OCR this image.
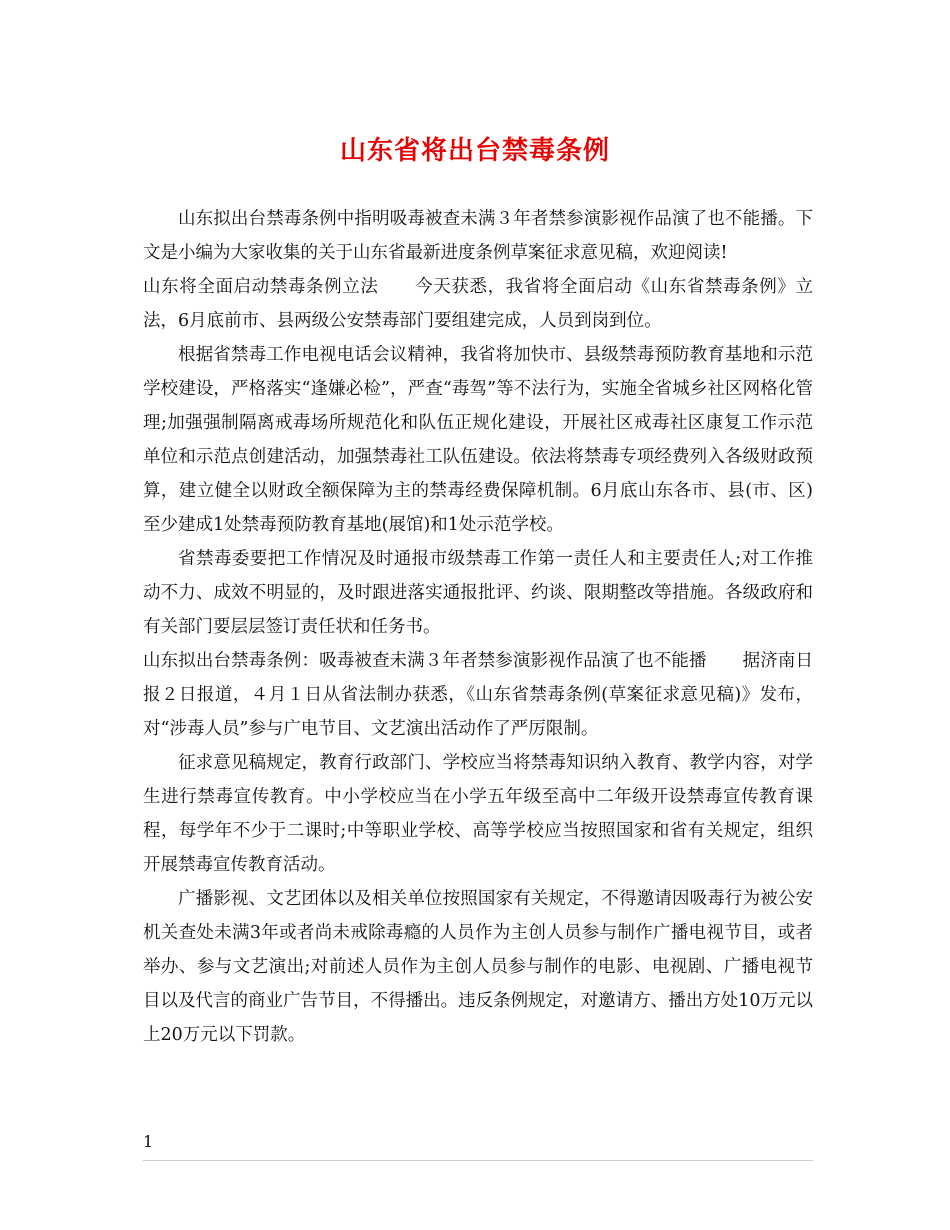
山东省将出台禁毒条例

山东拟出台禁毒条例中指明吸毒被查未满３年者禁参演影视作品演了也不能播。下文是小编为大家收集的关于山东省最新进度条例草案征求意见稿，欢迎阅读!

山东将全面启动禁毒条例立法 今天获悉，我省将全面启动《山东省禁毒条例》立法，6月底前市、县两级公安禁毒部门要组建完成，人员到岗到位。

根据省禁毒工作电视电话会议精神，我省将加快市、县级禁毒预防教育基地和示范学校建设，严格落实“逢嫌必检”，严查“毒驾”等不法行为，实施全省城乡社区网格化管理;加强强制隔离戒毒场所规范化和队伍正规化建设，开展社区戒毒社区康复工作示范单位和示范点创建活动，加强禁毒社工队伍建设。依法将禁毒专项经费列入各级财政预算，建立健全以财政全额保障为主的禁毒经费保障机制。6月底山东各市、县(市、区)至少建成1处禁毒预防教育基地(展馆)和1处示范学校。

省禁毒委要把工作情况及时通报市级禁毒工作第一责任人和主要责任人;对工作推动不力、成效不明显的，及时跟进落实通报批评、约谈、限期整改等措施。各级政府和有关部门要层层签订责任状和任务书。

山东拟出台禁毒条例：吸毒被查未满３年者禁参演影视作品演了也不能播 据济南日报２日报道，４月１日从省法制办获悉，《山东省禁毒条例(草案征求意见稿)》发布，对“涉毒人员”参与广电节目、文艺演出活动作了严厉限制。

征求意见稿规定，教育行政部门、学校应当将禁毒知识纳入教育、教学内容，对学生进行禁毒宣传教育。中小学校应当在小学五年级至高中二年级开设禁毒宣传教育课程，每学年不少于二课时;中等职业学校、高等学校应当按照国家和省有关规定，组织开展禁毒宣传教育活动。

广播影视、文艺团体以及相关单位按照国家有关规定，不得邀请因吸毒行为被公安机关查处未满3年或者尚未戒除毒瘾的人员作为主创人员参与制作广播电视节目，或者举办、参与文艺演出;对前述人员作为主创人员参与制作的电影、电视剧、广播电视节目以及代言的商业广告节目，不得播出。违反条例规定，对邀请方、播出方处10万元以上20万元以下罚款。

1
